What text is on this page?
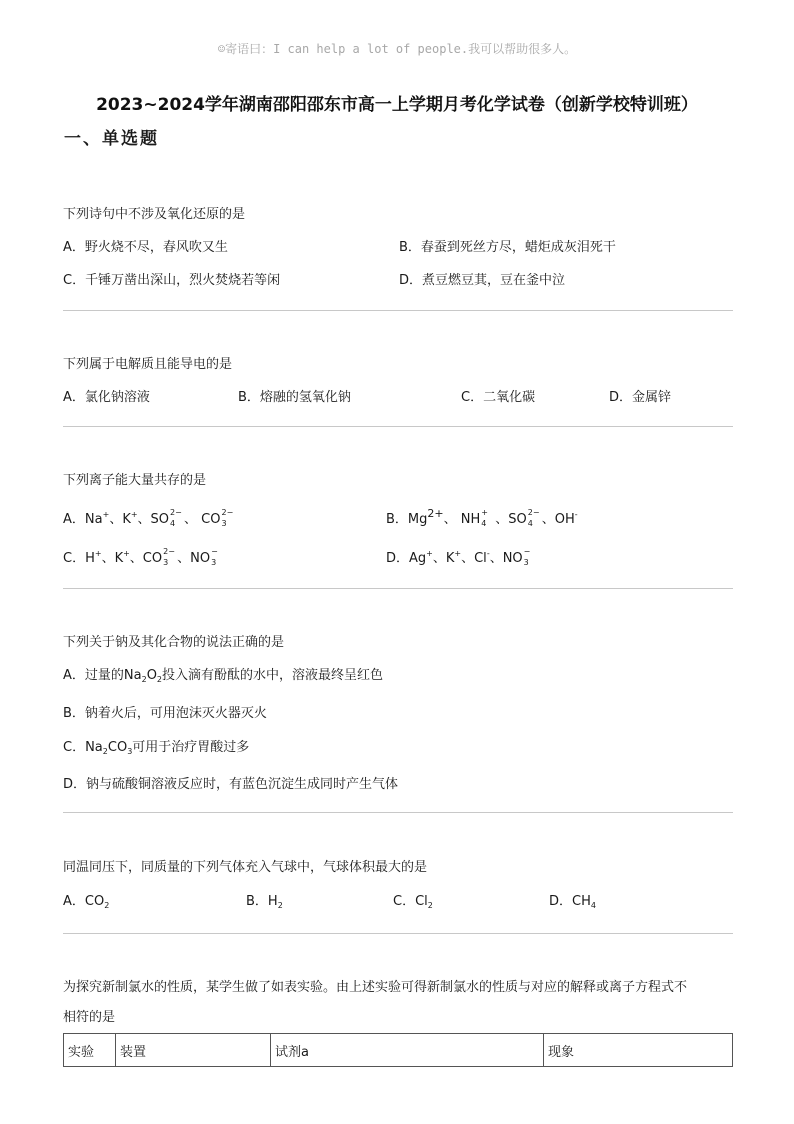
☺寄语曰：I can help a lot of people.我可以帮助很多人。
2023~2024学年湖南邵阳邵东市高一上学期月考化学试卷（创新学校特训班）
一、单选题
下列诗句中不涉及氧化还原的是
A．野火烧不尽，春风吹又生	B．春蚕到死丝方尽，蜡炬成灰泪死干
C．千锤万凿出深山，烈火焚烧若等闲	D．煮豆燃豆萁，豆在釜中泣
下列属于电解质且能导电的是
A．氯化钠溶液	B．熔融的氢氧化钠	C．二氧化碳	D．金属锌
下列离子能大量共存的是
A．Na+、K+、SO 2−
4 、 CO 2−
3	B．$Mg^{2+}$、 NH +
4 、SO 2−
4 、OH-
C．H+、K+、CO 2−
3 、NO −
3	D．Ag+、K+、Cl-、NO −
3
下列关于钠及其化合物的说法正确的是
A．过量的$Na_2O_2$投入滴有酚酞的水中，溶液最终呈红色
B．钠着火后，可用泡沫灭火器灭火
C．$Na_2CO_3$可用于治疗胃酸过多
D．钠与硫酸铜溶液反应时，有蓝色沉淀生成同时产生气体
同温同压下，同质量的下列气体充入气球中，气球体积最大的是
A．$CO_2$	B．$H_2$	C．$Cl_2$	D．$CH_4$
为探究新制氯水的性质，某学生做了如表实验。由上述实验可得新制氯水的性质与对应的解释或离子方程式不
相符的是
实验	装置	试剂a	现象
